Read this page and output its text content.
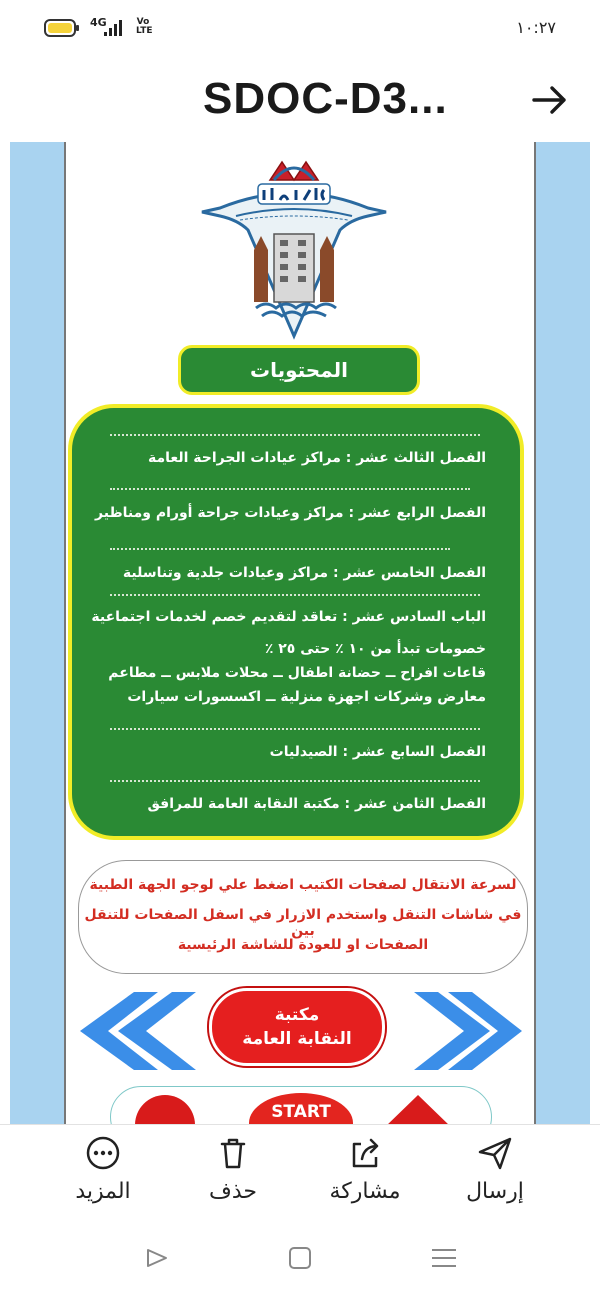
4G	Vo
LTE	١٠:٢٧
SDOC-D3...
المحتويات
الفصل الثالث عشر : مراكز عيادات الجراحة العامة
الفصل الرابع عشر : مراكز وعيادات جراحة أورام ومناظير
الفصل الخامس عشر : مراكز وعيادات جلدية وتناسلية
الباب السادس عشر : تعاقد لتقديم خصم لخدمات اجتماعية
خصومات تبدأ من ١٠ ٪ حتى ٢٥ ٪
قاعات افراح ــ حضانة اطفال ــ محلات ملابس ــ مطاعم
معارض وشركات اجهزة منزلية ــ اكسسورات سيارات
الفصل السابع عشر : الصيدليات
الفصل الثامن عشر : مكتبة النقابة العامة للمرافق
لسرعة الانتقال لصفحات الكتيب اضغط علي لوجو الجهة الطبية
في شاشات التنقل واستخدم الازرار في اسفل الصفحات للتنقل بين
الصفحات او للعودة للشاشة الرئيسية
مكتبة
النقابة العامة
START
المزيد	حذف	مشاركة	إرسال
